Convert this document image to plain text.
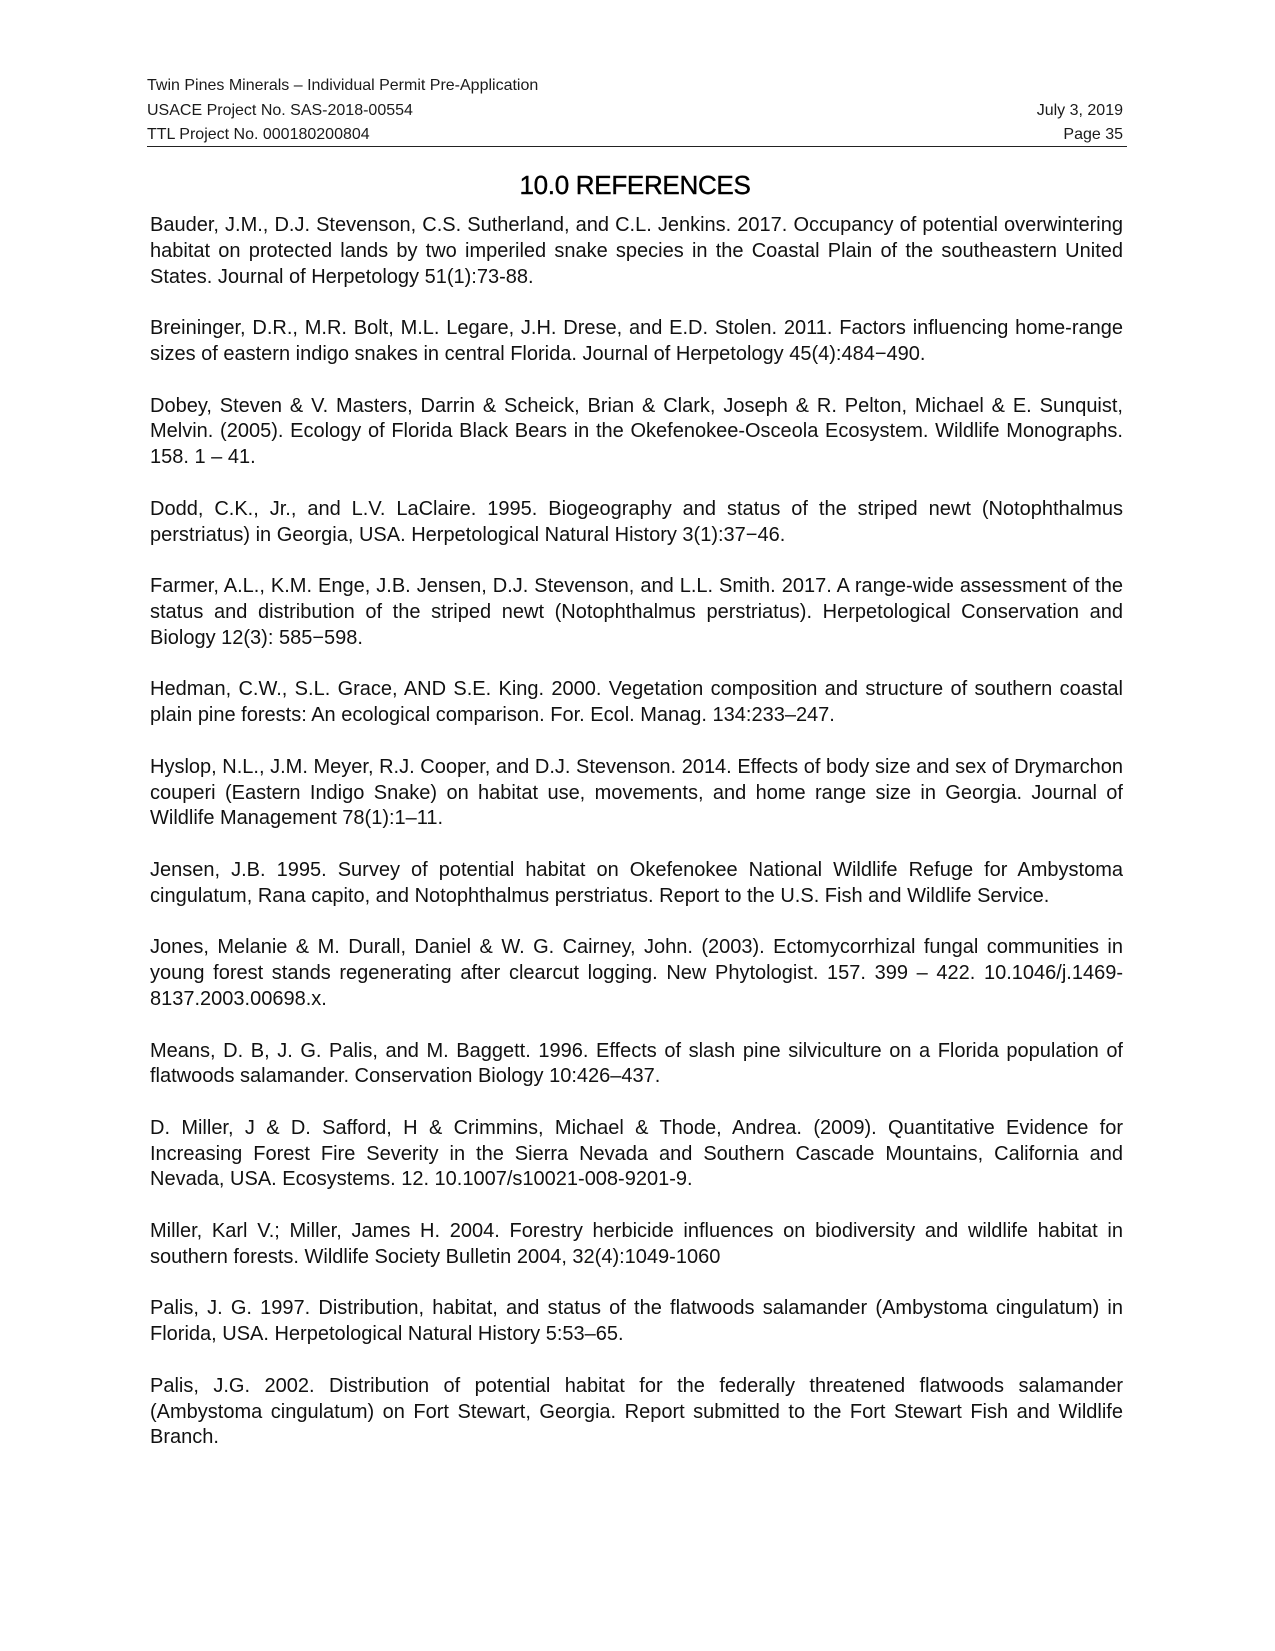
Twin Pines Minerals – Individual Permit Pre-Application
USACE Project No. SAS-2018-00554	July 3, 2019
TTL Project No. 000180200804	Page 35
10.0 REFERENCES

Bauder, J.M., D.J. Stevenson, C.S. Sutherland, and C.L. Jenkins. 2017. Occupancy of potential overwintering habitat on protected lands by two imperiled snake species in the Coastal Plain of the southeastern United States. Journal of Herpetology 51(1):73-88.

Breininger, D.R., M.R. Bolt, M.L. Legare, J.H. Drese, and E.D. Stolen. 2011. Factors influencing home-range sizes of eastern indigo snakes in central Florida. Journal of Herpetology 45(4):484−490.

Dobey, Steven & V. Masters, Darrin & Scheick, Brian & Clark, Joseph & R. Pelton, Michael & E. Sunquist, Melvin. (2005). Ecology of Florida Black Bears in the Okefenokee-Osceola Ecosystem. Wildlife Monographs. 158. 1 – 41.

Dodd, C.K., Jr., and L.V. LaClaire. 1995. Biogeography and status of the striped newt (Notophthalmus perstriatus) in Georgia, USA. Herpetological Natural History 3(1):37−46.

Farmer, A.L., K.M. Enge, J.B. Jensen, D.J. Stevenson, and L.L. Smith. 2017. A range-wide assessment of the status and distribution of the striped newt (Notophthalmus perstriatus). Herpetological Conservation and Biology 12(3): 585−598.

Hedman, C.W., S.L. Grace, AND S.E. King. 2000. Vegetation composition and structure of southern coastal plain pine forests: An ecological comparison. For. Ecol. Manag. 134:233–247.

Hyslop, N.L., J.M. Meyer, R.J. Cooper, and D.J. Stevenson. 2014. Effects of body size and sex of Drymarchon couperi (Eastern Indigo Snake) on habitat use, movements, and home range size in Georgia. Journal of Wildlife Management 78(1):1–11.

Jensen, J.B. 1995. Survey of potential habitat on Okefenokee National Wildlife Refuge for Ambystoma cingulatum, Rana capito, and Notophthalmus perstriatus. Report to the U.S. Fish and Wildlife Service.

Jones, Melanie & M. Durall, Daniel & W. G. Cairney, John. (2003). Ectomycorrhizal fungal communities in young forest stands regenerating after clearcut logging. New Phytologist. 157. 399 – 422. 10.1046/j.1469-8137.2003.00698.x.

Means, D. B, J. G. Palis, and M. Baggett. 1996. Effects of slash pine silviculture on a Florida population of flatwoods salamander. Conservation Biology 10:426–437.

D. Miller, J & D. Safford, H & Crimmins, Michael & Thode, Andrea. (2009). Quantitative Evidence for Increasing Forest Fire Severity in the Sierra Nevada and Southern Cascade Mountains, California and Nevada, USA. Ecosystems. 12. 10.1007/s10021-008-9201-9.

Miller, Karl V.; Miller, James H. 2004. Forestry herbicide influences on biodiversity and wildlife habitat in southern forests. Wildlife Society Bulletin 2004, 32(4):1049-1060

Palis, J. G. 1997. Distribution, habitat, and status of the flatwoods salamander (Ambystoma cingulatum) in Florida, USA. Herpetological Natural History 5:53–65.

Palis, J.G. 2002. Distribution of potential habitat for the federally threatened flatwoods salamander (Ambystoma cingulatum) on Fort Stewart, Georgia. Report submitted to the Fort Stewart Fish and Wildlife Branch.
